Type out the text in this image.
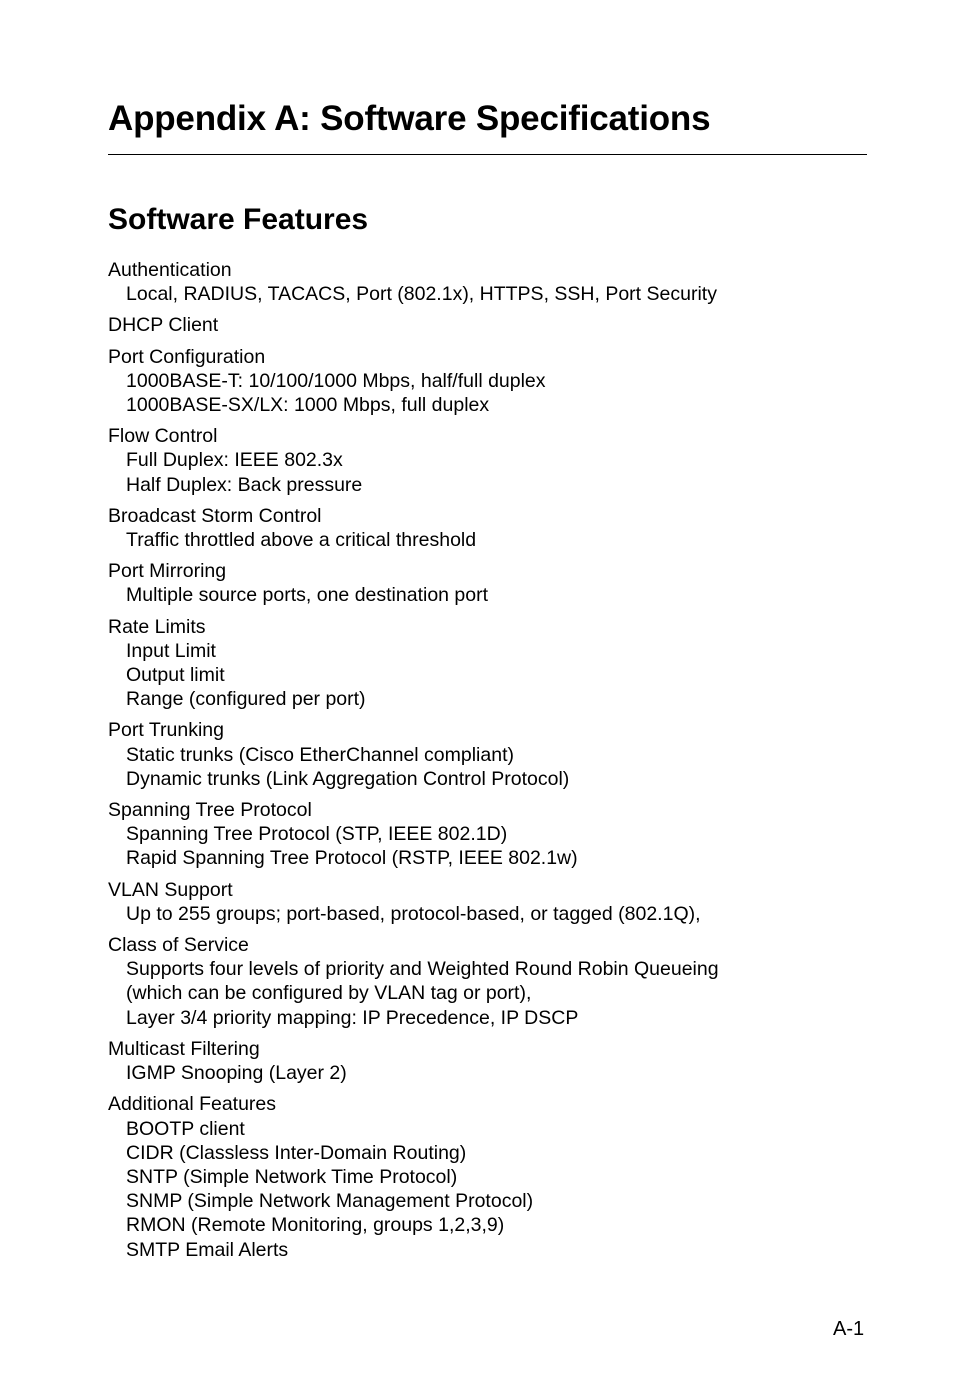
Appendix A: Software Specifications
Software Features
Authentication
Local, RADIUS, TACACS, Port (802.1x), HTTPS, SSH, Port Security
DHCP Client
Port Configuration
1000BASE-T: 10/100/1000 Mbps, half/full duplex
1000BASE-SX/LX: 1000 Mbps, full duplex
Flow Control
Full Duplex: IEEE 802.3x
Half Duplex: Back pressure
Broadcast Storm Control
Traffic throttled above a critical threshold
Port Mirroring
Multiple source ports, one destination port
Rate Limits
Input Limit
Output limit
Range (configured per port)
Port Trunking
Static trunks (Cisco EtherChannel compliant)
Dynamic trunks (Link Aggregation Control Protocol)
Spanning Tree Protocol
Spanning Tree Protocol (STP, IEEE 802.1D)
Rapid Spanning Tree Protocol (RSTP, IEEE 802.1w)
VLAN Support
Up to 255 groups; port-based, protocol-based, or tagged (802.1Q),
Class of Service
Supports four levels of priority and Weighted Round Robin Queueing
(which can be configured by VLAN tag or port),
Layer 3/4 priority mapping: IP Precedence, IP DSCP
Multicast Filtering
IGMP Snooping (Layer 2)
Additional Features
BOOTP client
CIDR (Classless Inter-Domain Routing)
SNTP (Simple Network Time Protocol)
SNMP (Simple Network Management Protocol)
RMON (Remote Monitoring, groups 1,2,3,9)
SMTP Email Alerts
A-1
